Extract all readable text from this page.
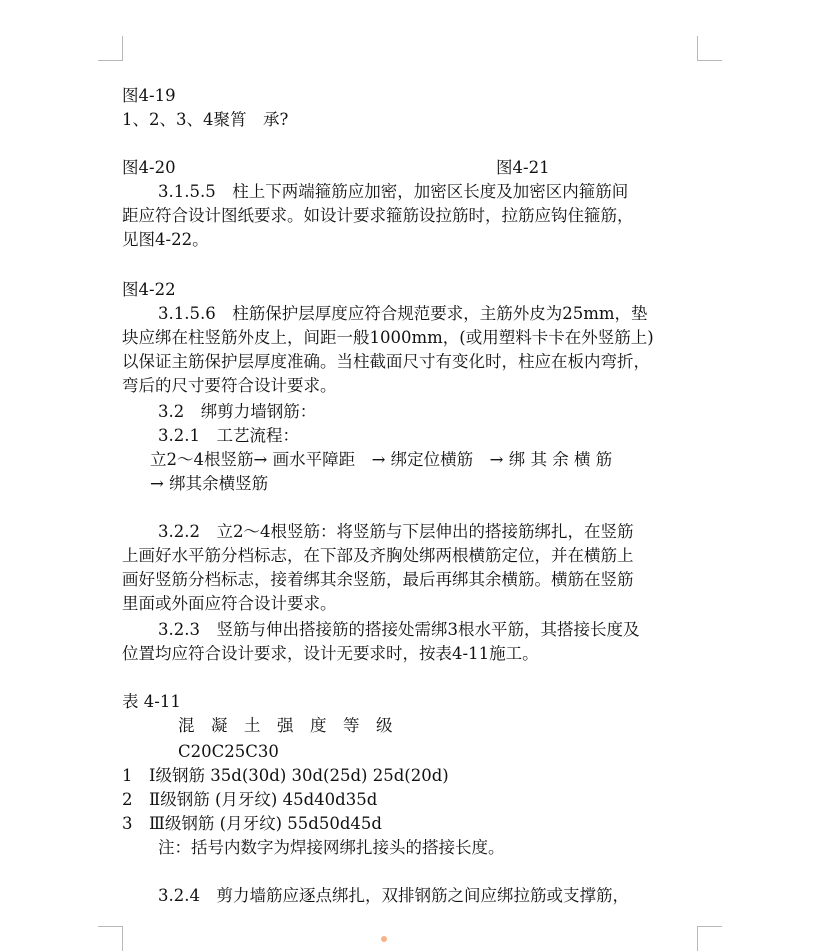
图4-19
1、2、3、4聚筲　承?
图4-20	图4-21
3.1.5.5　柱上下两端箍筋应加密，加密区长度及加密区内箍筋间
距应符合设计图纸要求。如设计要求箍筋设拉筋时，拉筋应钩住箍筋，
见图4-22。
图4-22
3.1.5.6　柱筋保护层厚度应符合规范要求，主筋外皮为25mm，垫
块应绑在柱竖筋外皮上，间距一般1000mm，(或用塑料卡卡在外竖筋上)
以保证主筋保护层厚度准确。当柱截面尺寸有变化时，柱应在板内弯折，
弯后的尺寸要符合设计要求。
3.2　绑剪力墙钢筋：
3.2.1　工艺流程：
立2～4根竖筋→ 画水平障距　→ 绑定位横筋　→ 绑 其 余 横 筋
→ 绑其余横竖筋
3.2.2　立2～4根竖筋：将竖筋与下层伸出的搭接筋绑扎，在竖筋
上画好水平筋分档标志，在下部及齐胸处绑两根横筋定位，并在横筋上
画好竖筋分档标志，接着绑其余竖筋，最后再绑其余横筋。横筋在竖筋
里面或外面应符合设计要求。
3.2.3　竖筋与伸出搭接筋的搭接处需绑3根水平筋，其搭接长度及
位置均应符合设计要求，设计无要求时，按表4-11施工。
表 4-11
混　凝　土　强　度　等　级
C20C25C30
1　Ⅰ级钢筋 35d(30d) 30d(25d) 25d(20d)
2　Ⅱ级钢筋 (月牙纹) 45d40d35d
3　Ⅲ级钢筋 (月牙纹) 55d50d45d
注：括号内数字为焊接网绑扎接头的搭接长度。
3.2.4　剪力墙筋应逐点绑扎，双排钢筋之间应绑拉筋或支撑筋，
